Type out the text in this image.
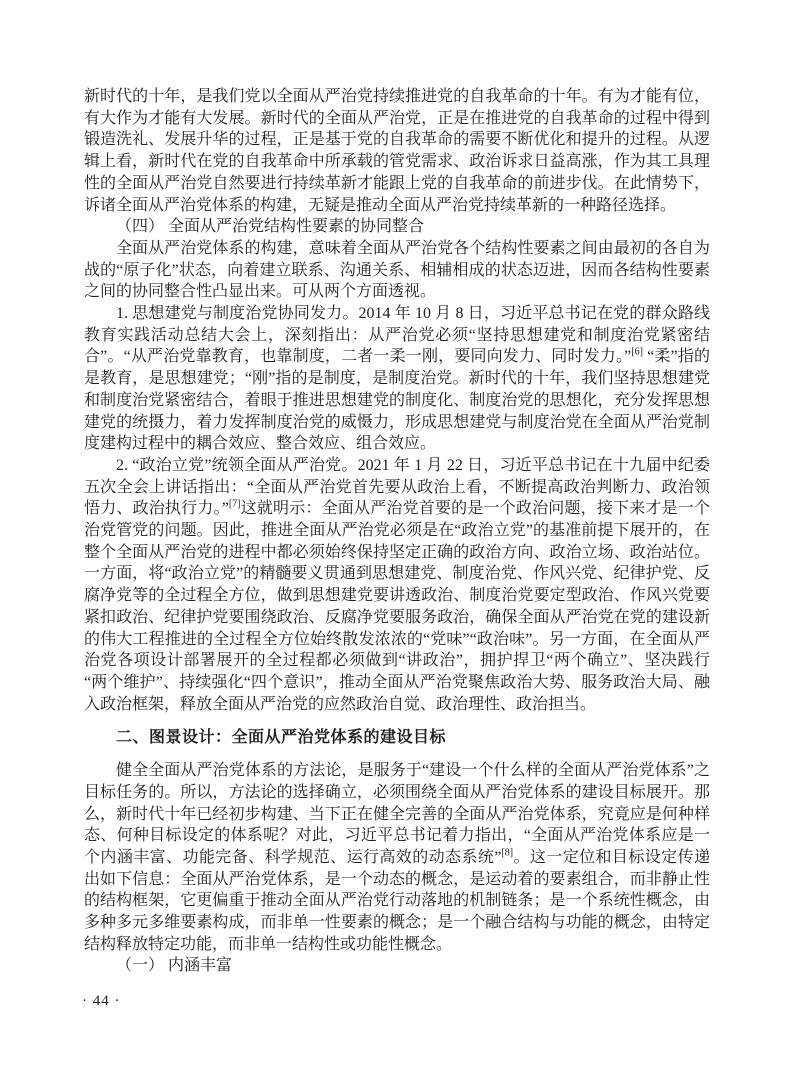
新时代的十年，是我们党以全面从严治党持续推进党的自我革命的十年。有为才能有位，有大作为才能有大发展。新时代的全面从严治党，正是在推进党的自我革命的过程中得到锻造洗礼、发展升华的过程，正是基于党的自我革命的需要不断优化和提升的过程。从逻辑上看，新时代在党的自我革命中所承载的管党需求、政治诉求日益高涨，作为其工具理性的全面从严治党自然要进行持续革新才能跟上党的自我革命的前进步伐。在此情势下，诉诸全面从严治党体系的构建，无疑是推动全面从严治党持续革新的一种路径选择。

（四） 全面从严治党结构性要素的协同整合

全面从严治党体系的构建，意味着全面从严治党各个结构性要素之间由最初的各自为战的“原子化”状态，向着建立联系、沟通关系、相辅相成的状态迈进，因而各结构性要素之间的协同整合性凸显出来。可从两个方面透视。

1. 思想建党与制度治党协同发力。2014 年 10 月 8 日，习近平总书记在党的群众路线教育实践活动总结大会上，深刻指出：从严治党必须“坚持思想建党和制度治党紧密结合”。“从严治党靠教育，也靠制度，二者一柔一刚，要同向发力、同时发力。”[6] “柔”指的是教育，是思想建党；“刚”指的是制度，是制度治党。新时代的十年，我们坚持思想建党和制度治党紧密结合，着眼于推进思想建党的制度化、制度治党的思想化，充分发挥思想建党的统摄力，着力发挥制度治党的威慑力，形成思想建党与制度治党在全面从严治党制度建构过程中的耦合效应、整合效应、组合效应。

2. “政治立党”统领全面从严治党。2021 年 1 月 22 日，习近平总书记在十九届中纪委五次全会上讲话指出：“全面从严治党首先要从政治上看，不断提高政治判断力、政治领悟力、政治执行力。”[7]这就明示：全面从严治党首要的是一个政治问题，接下来才是一个治党管党的问题。因此，推进全面从严治党必须是在“政治立党”的基准前提下展开的，在整个全面从严治党的进程中都必须始终保持坚定正确的政治方向、政治立场、政治站位。一方面，将“政治立党”的精髓要义贯通到思想建党、制度治党、作风兴党、纪律护党、反腐净党等的全过程全方位，做到思想建党要讲透政治、制度治党要定型政治、作风兴党要紧扣政治、纪律护党要围绕政治、反腐净党要服务政治，确保全面从严治党在党的建设新的伟大工程推进的全过程全方位始终散发浓浓的“党味”“政治味”。另一方面，在全面从严治党各项设计部署展开的全过程都必须做到“讲政治”，拥护捍卫“两个确立”、坚决践行“两个维护”、持续强化“四个意识”，推动全面从严治党聚焦政治大势、服务政治大局、融入政治框架，释放全面从严治党的应然政治自觉、政治理性、政治担当。

二、图景设计：全面从严治党体系的建设目标

健全全面从严治党体系的方法论，是服务于“建设一个什么样的全面从严治党体系”之目标任务的。所以，方法论的选择确立，必须围绕全面从严治党体系的建设目标展开。那么，新时代十年已经初步构建、当下正在健全完善的全面从严治党体系，究竟应是何种样态、何种目标设定的体系呢？对此，习近平总书记着力指出，“全面从严治党体系应是一个内涵丰富、功能完备、科学规范、运行高效的动态系统”[8]。这一定位和目标设定传递出如下信息：全面从严治党体系，是一个动态的概念，是运动着的要素组合，而非静止性的结构框架，它更偏重于推动全面从严治党行动落地的机制链条；是一个系统性概念，由多种多元多维要素构成，而非单一性要素的概念；是一个融合结构与功能的概念，由特定结构释放特定功能，而非单一结构性或功能性概念。

（一） 内涵丰富

· 44 ·
